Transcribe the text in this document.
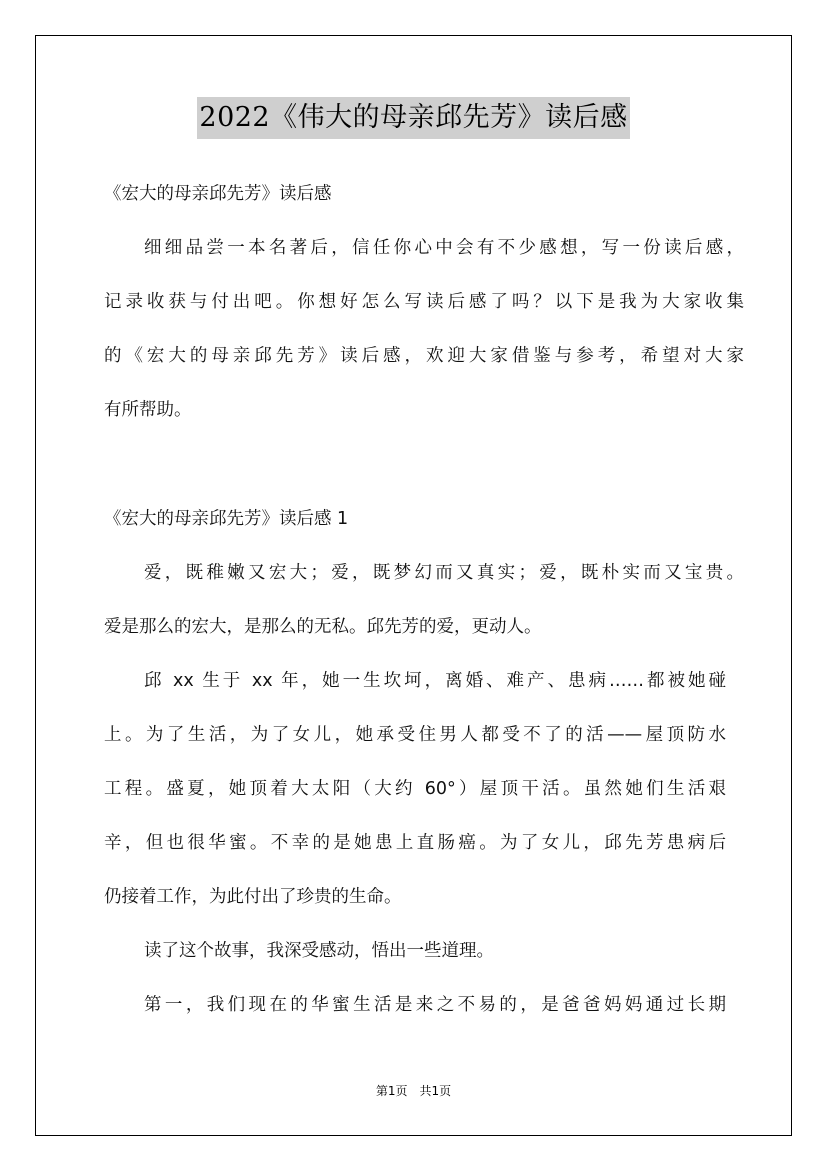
2022《伟大的母亲邱先芳》读后感
《宏大的母亲邱先芳》读后感
细细品尝一本名著后，信任你心中会有不少感想，写一份读后感，
记录收获与付出吧。你想好怎么写读后感了吗？以下是我为大家收集
的《宏大的母亲邱先芳》读后感，欢迎大家借鉴与参考，希望对大家
有所帮助。
《宏大的母亲邱先芳》读后感 1
爱，既稚嫩又宏大；爱，既梦幻而又真实；爱，既朴实而又宝贵。
爱是那么的宏大，是那么的无私。邱先芳的爱，更动人。
邱 xx 生于 xx 年，她一生坎坷，离婚、难产、患病……都被她碰
上。为了生活，为了女儿，她承受住男人都受不了的活——屋顶防水
工程。盛夏，她顶着大太阳（大约 60°）屋顶干活。虽然她们生活艰
辛，但也很华蜜。不幸的是她患上直肠癌。为了女儿，邱先芳患病后
仍接着工作，为此付出了珍贵的生命。
读了这个故事，我深受感动，悟出一些道理。
第一，我们现在的华蜜生活是来之不易的，是爸爸妈妈通过长期
第1页　共1页
